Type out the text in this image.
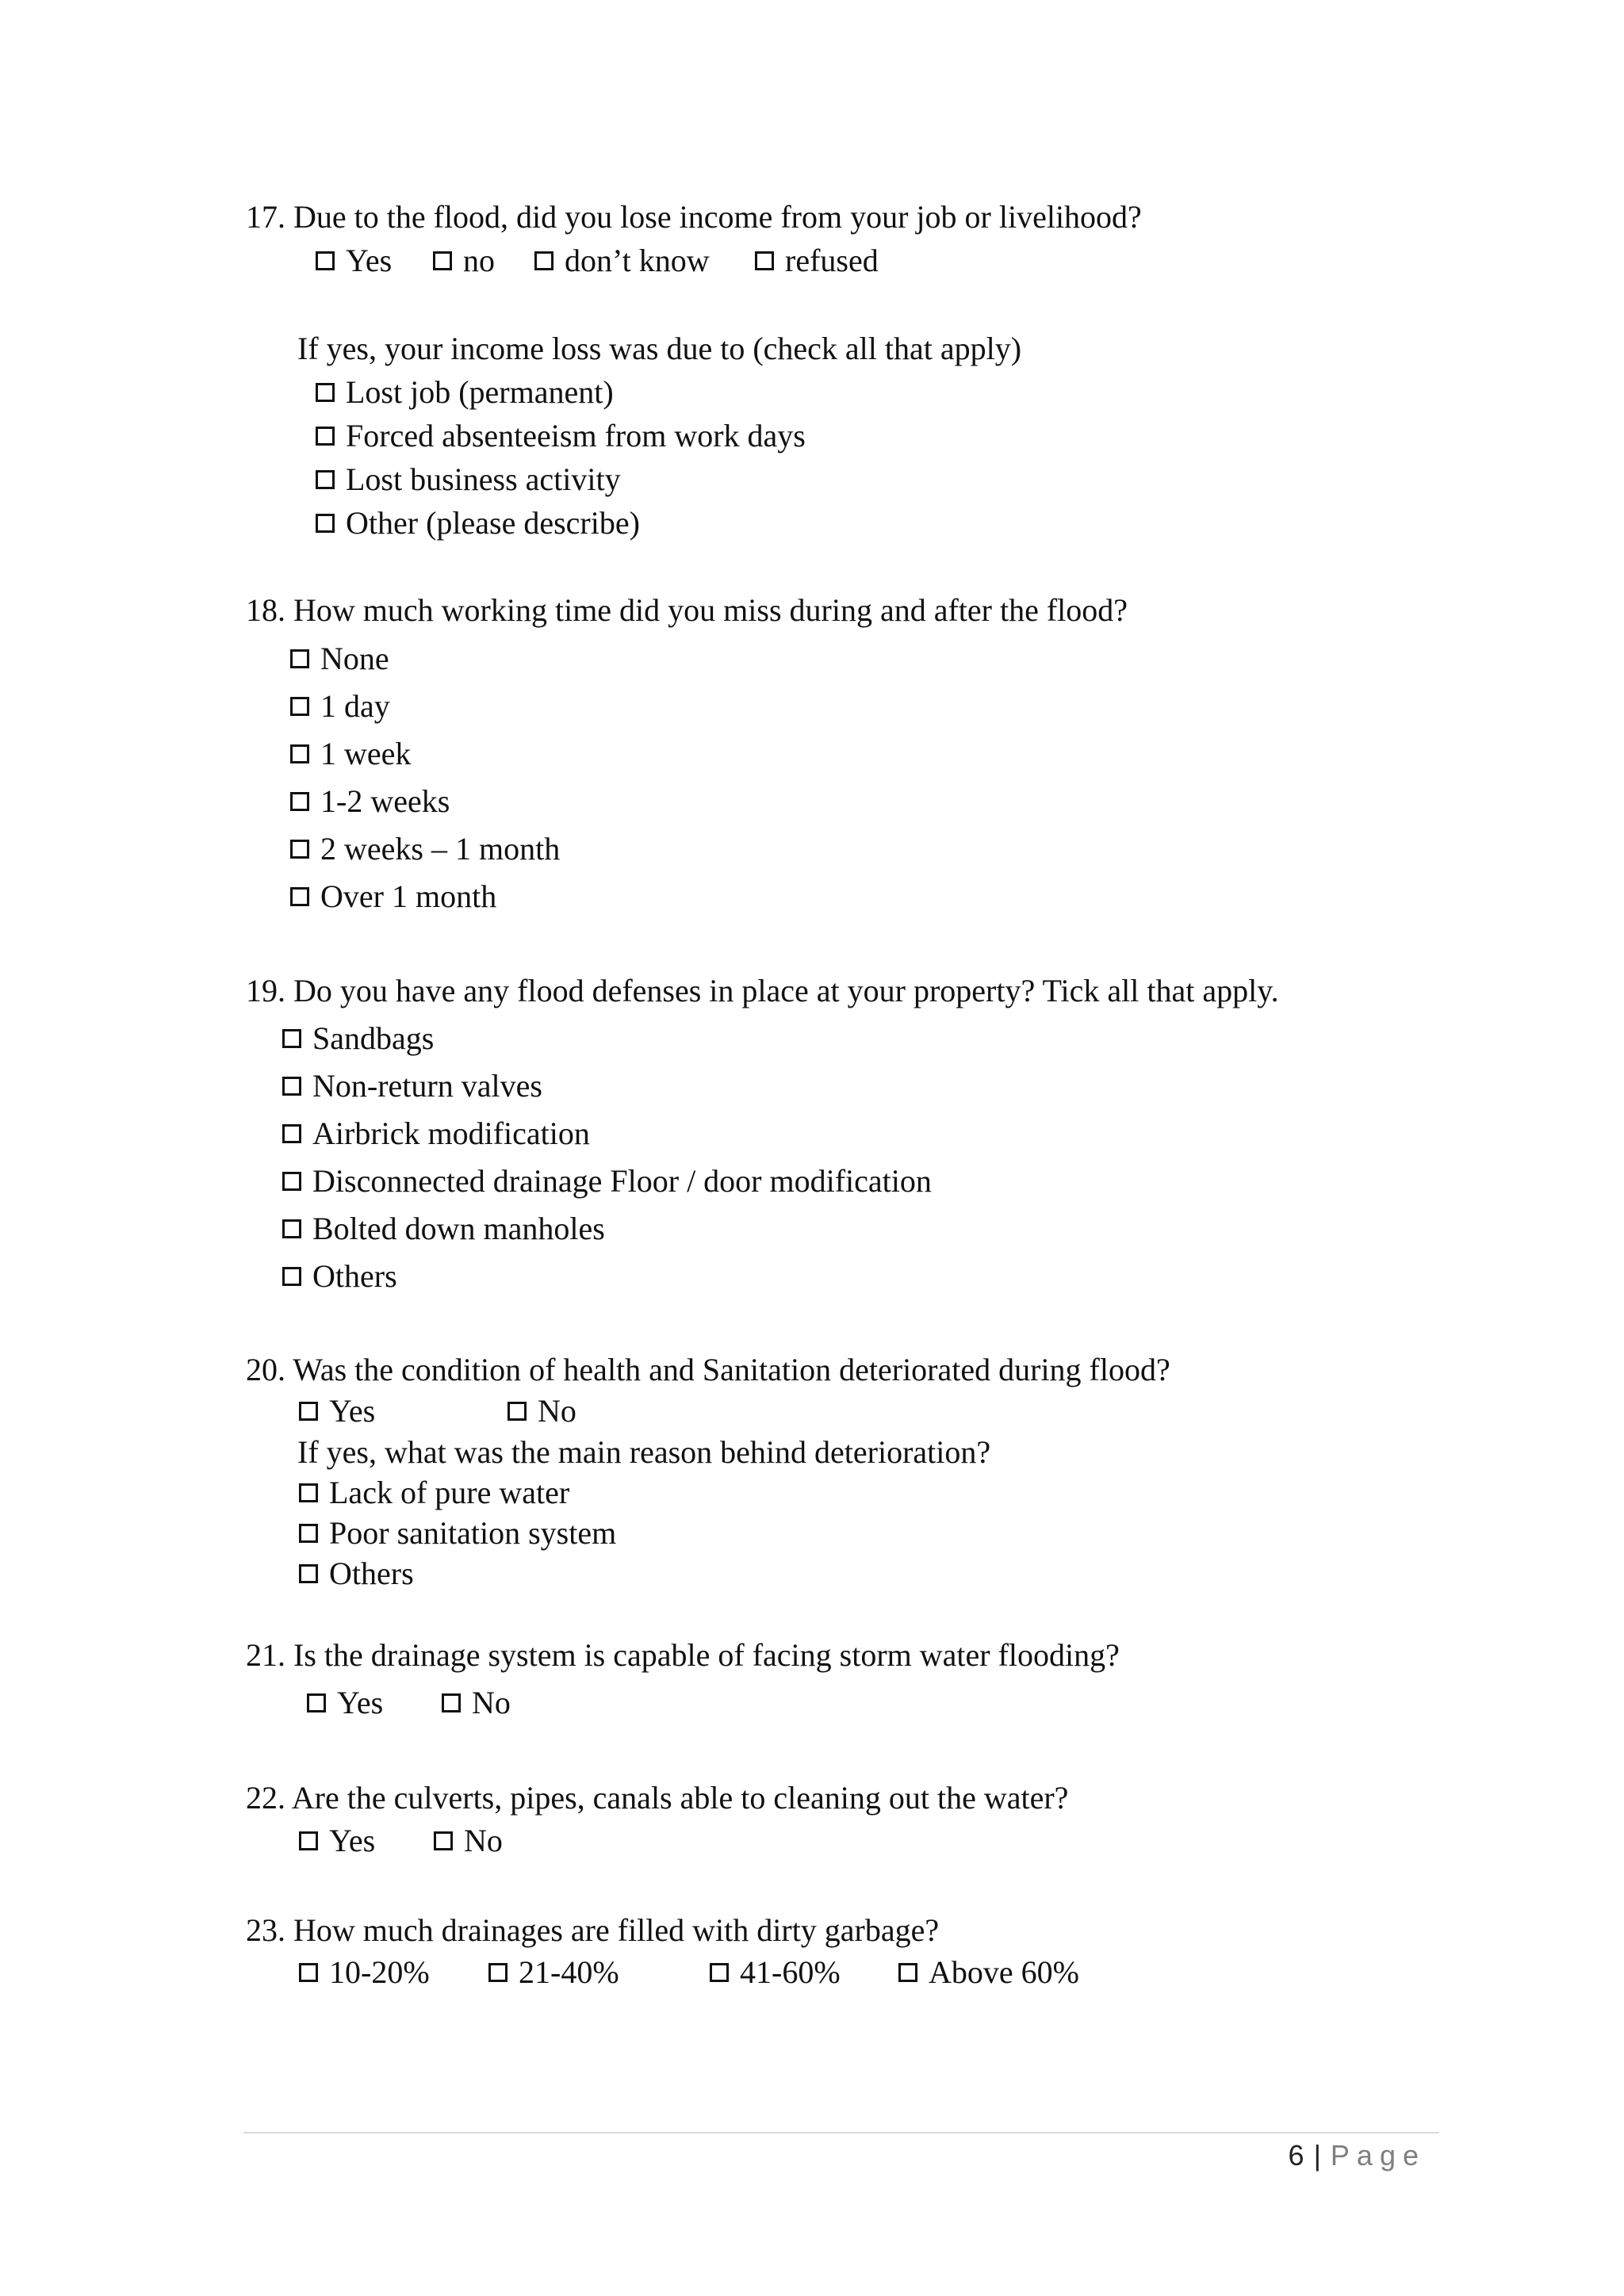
17. Due to the flood, did you lose income from your job or livelihood?
Yes no don’t know refused
If yes, your income loss was due to (check all that apply)
Lost job (permanent)
Forced absenteeism from work days
Lost business activity
Other (please describe)
18. How much working time did you miss during and after the flood?
None
1 day
1 week
1-2 weeks
2 weeks – 1 month
Over 1 month
19. Do you have any flood defenses in place at your property? Tick all that apply.
Sandbags
Non-return valves
Airbrick modification
Disconnected drainage Floor / door modification
Bolted down manholes
Others
20. Was the condition of health and Sanitation deteriorated during flood?
Yes	No
If yes, what was the main reason behind deterioration?
Lack of pure water
Poor sanitation system
Others
21. Is the drainage system is capable of facing storm water flooding?
Yes	No
22. Are the culverts, pipes, canals able to cleaning out the water?
Yes	No
23. How much drainages are filled with dirty garbage?
10-20%	21-40%	41-60%	Above 60%
6 | Page
